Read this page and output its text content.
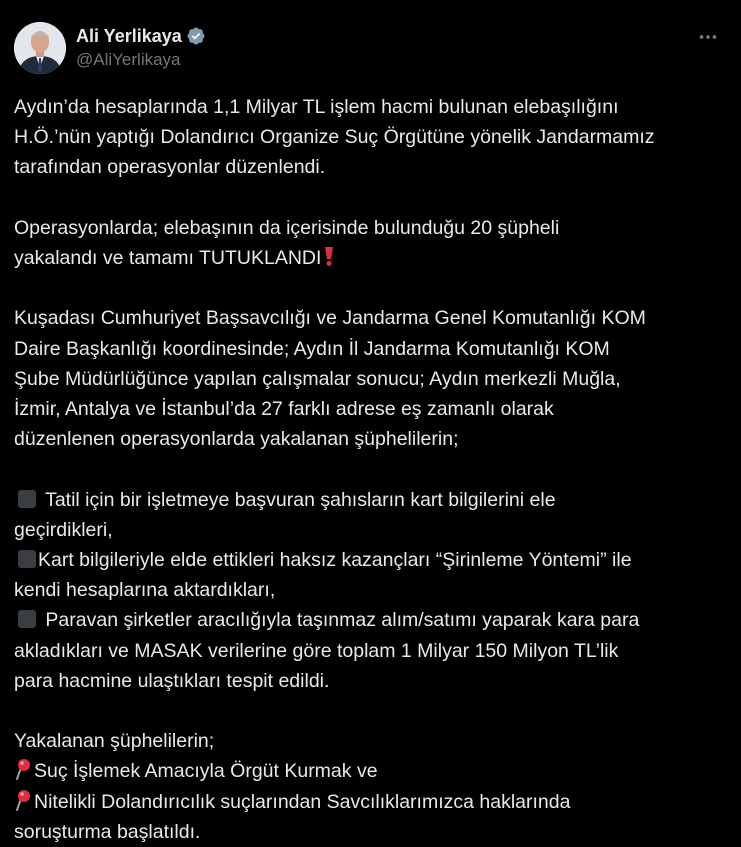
Ali Yerlikaya
@AliYerlikaya
Aydın’da hesaplarında 1,1 Milyar TL işlem hacmi bulunan elebaşılığını
H.Ö.’nün yaptığı Dolandırıcı Organize Suç Örgütüne yönelik Jandarmamız
tarafından operasyonlar düzenlendi.
Operasyonlarda; elebaşının da içerisinde bulunduğu 20 şüpheli
yakalandı ve tamamı TUTUKLANDI
Kuşadası Cumhuriyet Başsavcılığı ve Jandarma Genel Komutanlığı KOM
Daire Başkanlığı koordinesinde; Aydın İl Jandarma Komutanlığı KOM
Şube Müdürlüğünce yapılan çalışmalar sonucu; Aydın merkezli Muğla,
İzmir, Antalya ve İstanbul’da 27 farklı adrese eş zamanlı olarak
düzenlenen operasyonlarda yakalanan şüphelilerin;
Tatil için bir işletmeye başvuran şahısların kart bilgilerini ele
geçirdikleri,
Kart bilgileriyle elde ettikleri haksız kazançları “Şirinleme Yöntemi” ile
kendi hesaplarına aktardıkları,
Paravan şirketler aracılığıyla taşınmaz alım/satımı yaparak kara para
akladıkları ve MASAK verilerine göre toplam 1 Milyar 150 Milyon TL’lik
para hacmine ulaştıkları tespit edildi.
Yakalanan şüphelilerin;
Suç İşlemek Amacıyla Örgüt Kurmak ve
Nitelikli Dolandırıcılık suçlarından Savcılıklarımızca haklarında
soruşturma başlatıldı.
